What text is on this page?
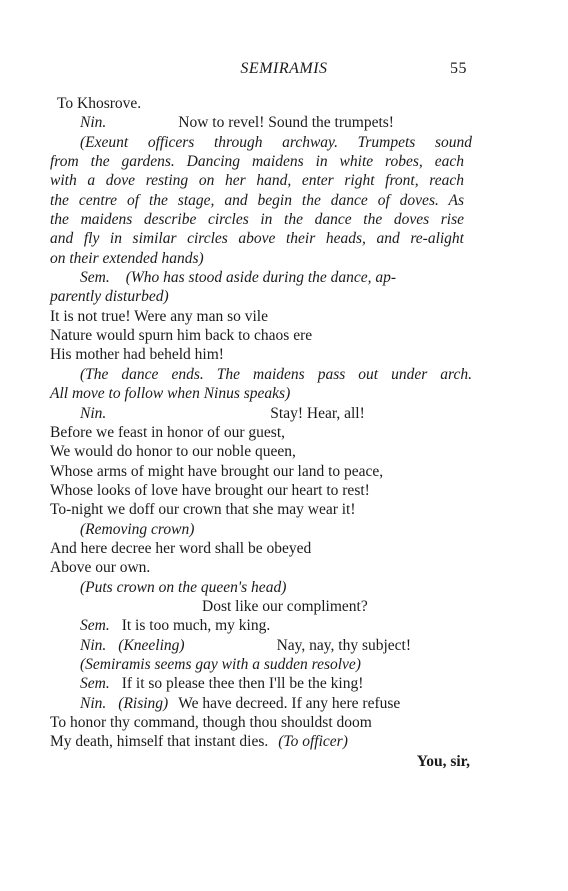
SEMIRAMIS	55
To Khosrove.
Nin.	Now to revel! Sound the trumpets!
(Exeunt officers through archway. Trumpets sound
from the gardens. Dancing maidens in white robes, each
with a dove resting on her hand, enter right front, reach
the centre of the stage, and begin the dance of doves. As
the maidens describe circles in the dance the doves rise
and fly in similar circles above their heads, and re-alight
on their extended hands)
Sem. (Who has stood aside during the dance, ap-
parently disturbed)
It is not true! Were any man so vile
Nature would spurn him back to chaos ere
His mother had beheld him!
(The dance ends. The maidens pass out under arch.
All move to follow when Ninus speaks)
Nin.	Stay! Hear, all!
Before we feast in honor of our guest,
We would do honor to our noble queen,
Whose arms of might have brought our land to peace,
Whose looks of love have brought our heart to rest!
To-night we doff our crown that she may wear it!
(Removing crown)
And here decree her word shall be obeyed
Above our own.
(Puts crown on the queen's head)
Dost like our compliment?
Sem. It is too much, my king.
Nin. (Kneeling)	Nay, nay, thy subject!
(Semiramis seems gay with a sudden resolve)
Sem. If it so please thee then I'll be the king!
Nin. (Rising) We have decreed. If any here refuse
To honor thy command, though thou shouldst doom
My death, himself that instant dies. (To officer)
You, sir,
